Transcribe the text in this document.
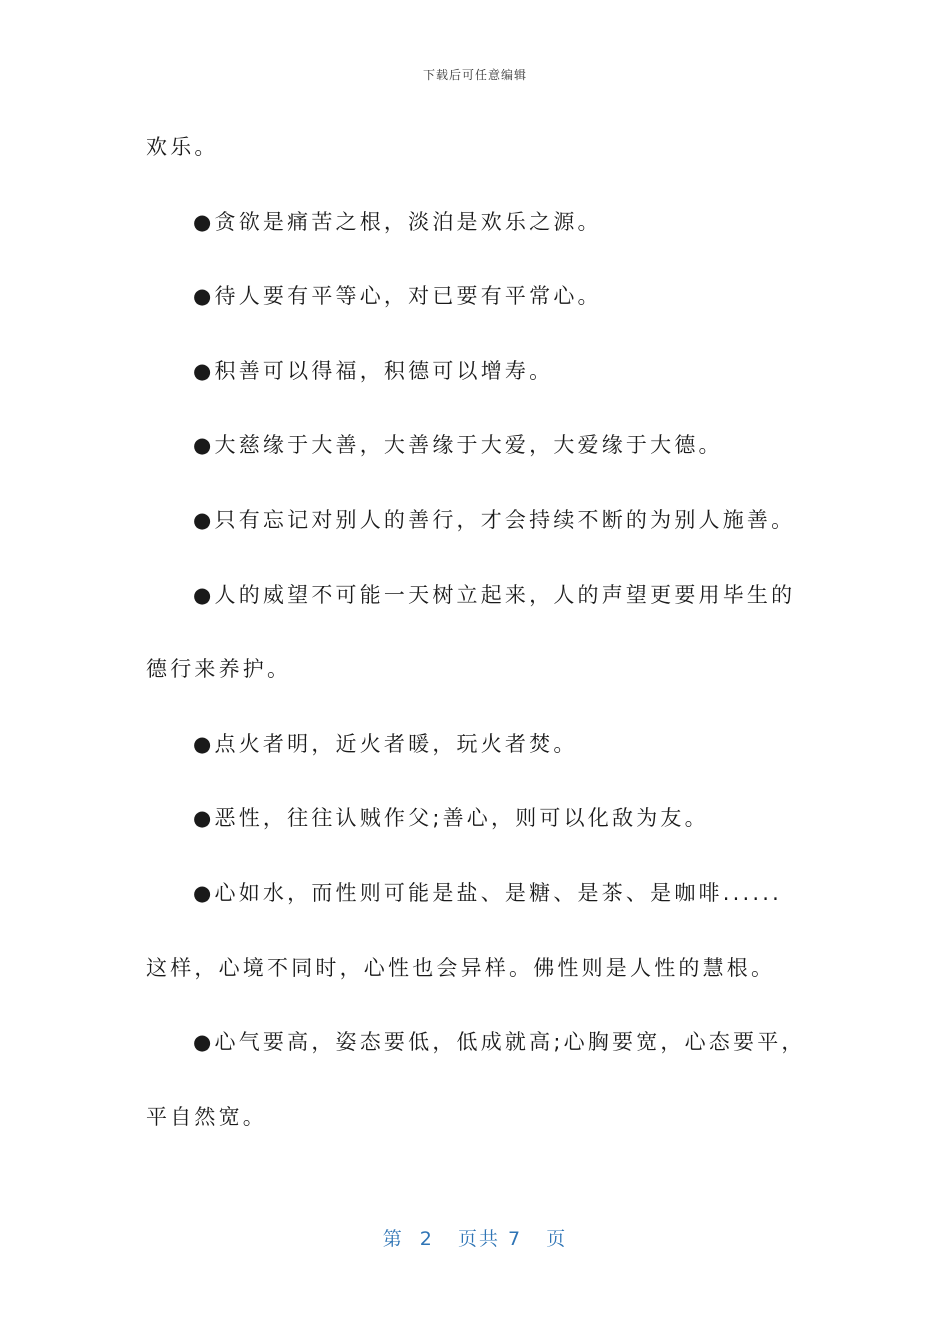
下载后可任意编辑
欢乐。
●贪欲是痛苦之根，淡泊是欢乐之源。
●待人要有平等心，对已要有平常心。
●积善可以得福，积德可以增寿。
●大慈缘于大善，大善缘于大爱，大爱缘于大德。
●只有忘记对别人的善行，才会持续不断的为别人施善。
●人的威望不可能一天树立起来，人的声望更要用毕生的
德行来养护。
●点火者明，近火者暖，玩火者焚。
●恶性，往往认贼作父;善心，则可以化敌为友。
●心如水，而性则可能是盐、是糖、是茶、是咖啡......
这样，心境不同时，心性也会异样。佛性则是人性的慧根。
●心气要高，姿态要低，低成就高;心胸要宽，心态要平，
平自然宽。
第  2   页共 7   页
